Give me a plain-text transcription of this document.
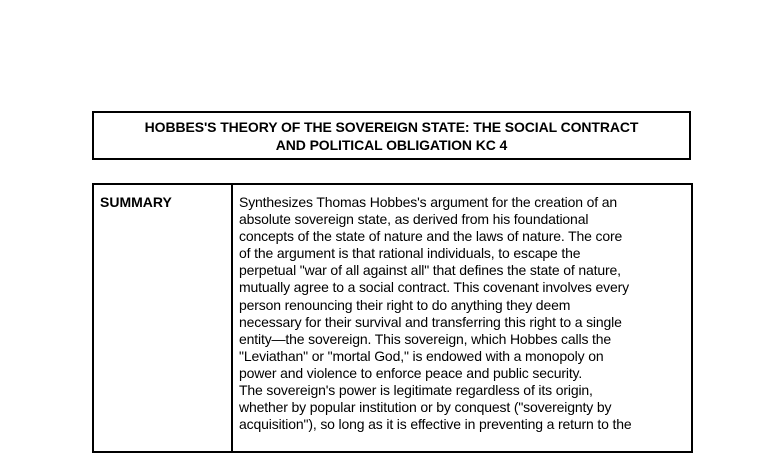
HOBBES'S THEORY OF THE SOVEREIGN STATE: THE SOCIAL CONTRACT
AND POLITICAL OBLIGATION KC 4
SUMMARY	Synthesizes Thomas Hobbes's argument for the creation of an
absolute sovereign state, as derived from his foundational
concepts of the state of nature and the laws of nature. The core
of the argument is that rational individuals, to escape the
perpetual "war of all against all" that defines the state of nature,
mutually agree to a social contract. This covenant involves every
person renouncing their right to do anything they deem
necessary for their survival and transferring this right to a single
entity—the sovereign. This sovereign, which Hobbes calls the
"Leviathan" or "mortal God," is endowed with a monopoly on
power and violence to enforce peace and public security.
The sovereign's power is legitimate regardless of its origin,
whether by popular institution or by conquest ("sovereignty by
acquisition"), so long as it is effective in preventing a return to the
